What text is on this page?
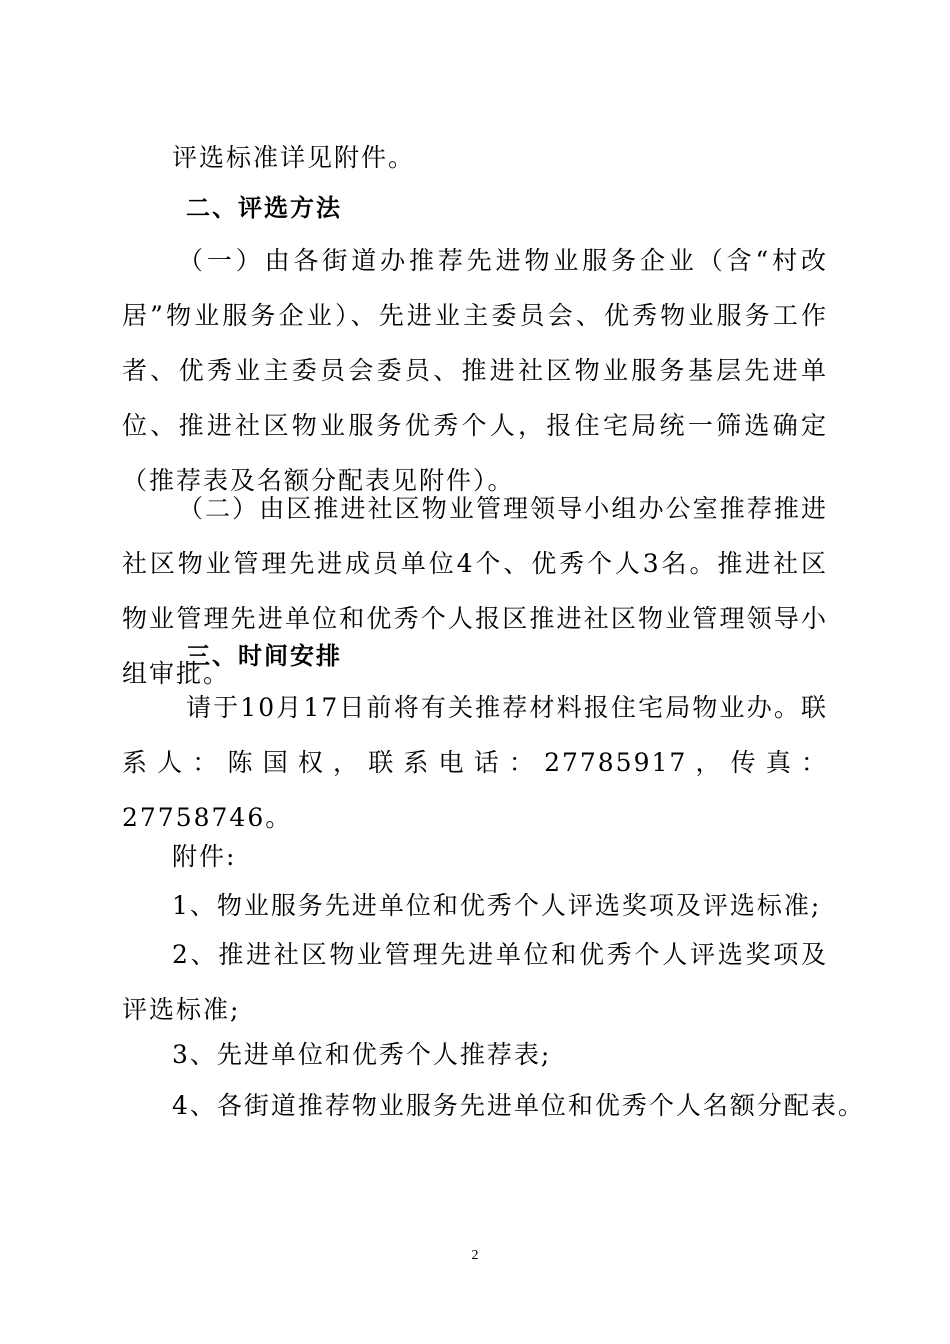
评选标准详见附件。

二、评选方法

（一）由各街道办推荐先进物业服务企业（含“村改居”物业服务企业）、先进业主委员会、优秀物业服务工作者、优秀业主委员会委员、推进社区物业服务基层先进单位、推进社区物业服务优秀个人，报住宅局统一筛选确定（推荐表及名额分配表见附件）。

（二）由区推进社区物业管理领导小组办公室推荐推进社区物业管理先进成员单位4个、优秀个人3名。推进社区物业管理先进单位和优秀个人报区推进社区物业管理领导小组审批。

三、时间安排

请于10月17日前将有关推荐材料报住宅局物业办。联系人：陈国权，联系电话：27785917，传真：27758746。

附件:

1、物业服务先进单位和优秀个人评选奖项及评选标准;

2、推进社区物业管理先进单位和优秀个人评选奖项及评选标准;

3、先进单位和优秀个人推荐表;

4、各街道推荐物业服务先进单位和优秀个人名额分配表。

2
